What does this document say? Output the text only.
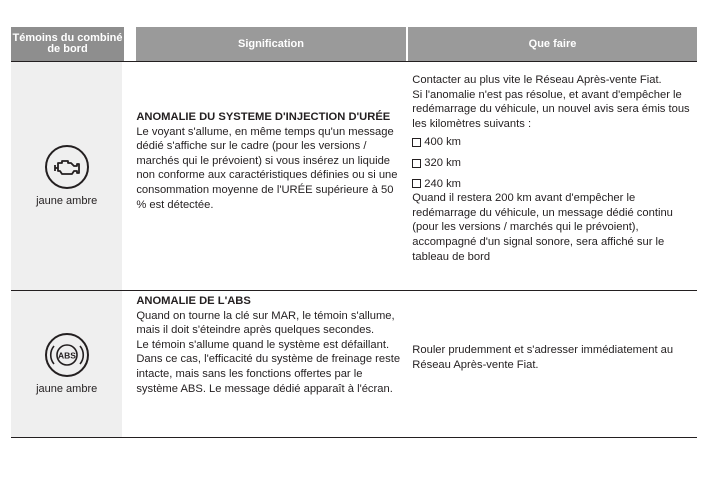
Témoins du combiné de bord	Signification	Que faire
jaune ambre
ANOMALIE DU SYSTEME D'INJECTION D'URÉE

Le voyant s'allume, en même temps qu'un message dédié s'affiche sur le cadre (pour les versions / marchés qui le prévoient) si vous insérez un liquide non conforme aux caractéristiques définies ou si une consommation moyenne de l'URÉE supérieure à 50 % est détectée.

Contacter au plus vite le Réseau Après-vente Fiat.

Si l'anomalie n'est pas résolue, et avant d'empêcher le redémarrage du véhicule, un nouvel avis sera émis tous les kilomètres suivants :

400 km
320 km
240 km

Quand il restera 200 km avant d'empêcher le redémarrage du véhicule, un message dédié continu (pour les versions / marchés qui le prévoient), accompagné d'un signal sonore, sera affiché sur le tableau de bord

ABS
jaune ambre
ANOMALIE DE L'ABS

Quand on tourne la clé sur MAR, le témoin s'allume, mais il doit s'éteindre après quelques secondes.

Le témoin s'allume quand le système est défaillant. Dans ce cas, l'efficacité du système de freinage reste intacte, mais sans les fonctions offertes par le système ABS. Le message dédié apparaît à l'écran.

Rouler prudemment et s'adresser immédiatement au Réseau Après-vente Fiat.
